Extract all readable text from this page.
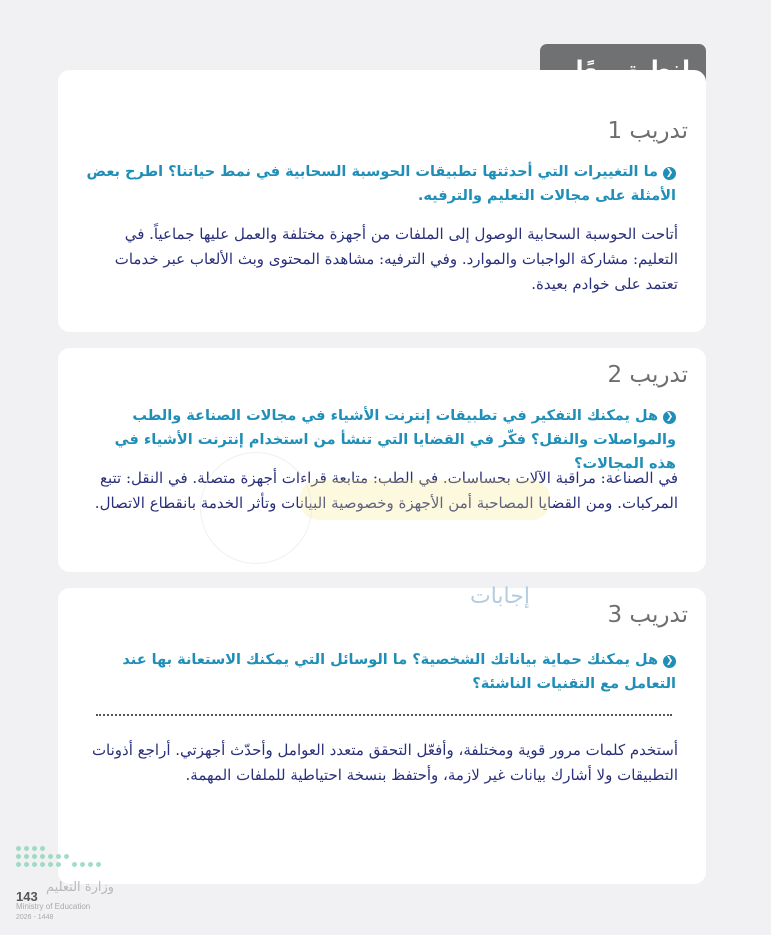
تدريب 1
❮ما التغييرات التي أحدثتها تطبيقات الحوسبة السحابية في نمط حياتنا؟ اطرح بعض الأمثلة على مجالات التعليم والترفيه.
أتاحت الحوسبة السحابية الوصول إلى الملفات من أجهزة مختلفة والعمل عليها جماعياً. في التعليم: مشاركة الواجبات والموارد. وفي الترفيه: مشاهدة المحتوى وبث الألعاب عبر خدمات تعتمد على خوادم بعيدة.
تدريب 2
❮هل يمكنك التفكير في تطبيقات إنترنت الأشياء في مجالات الصناعة والطب والمواصلات والنقل؟ فكّر في القضايا التي تنشأ من استخدام إنترنت الأشياء في هذه المجالات؟
في الصناعة: مراقبة الآلات بحساسات. في الطب: متابعة قراءات أجهزة متصلة. في النقل: تتبع المركبات. ومن القضايا المصاحبة أمن الأجهزة وخصوصية البيانات وتأثر الخدمة بانقطاع الاتصال.
تدريب 3
❮هل يمكنك حماية بياناتك الشخصية؟ ما الوسائل التي يمكنك الاستعانة بها عند التعامل مع التقنيات الناشئة؟
أستخدم كلمات مرور قوية ومختلفة، وأفعّل التحقق متعدد العوامل وأحدّث أجهزتي. أراجع أذونات التطبيقات ولا أشارك بيانات غير لازمة، وأحتفظ بنسخة احتياطية للملفات المهمة.
إجابات
وزارة التعليم
143
Ministry of Education
2026 - 1448
